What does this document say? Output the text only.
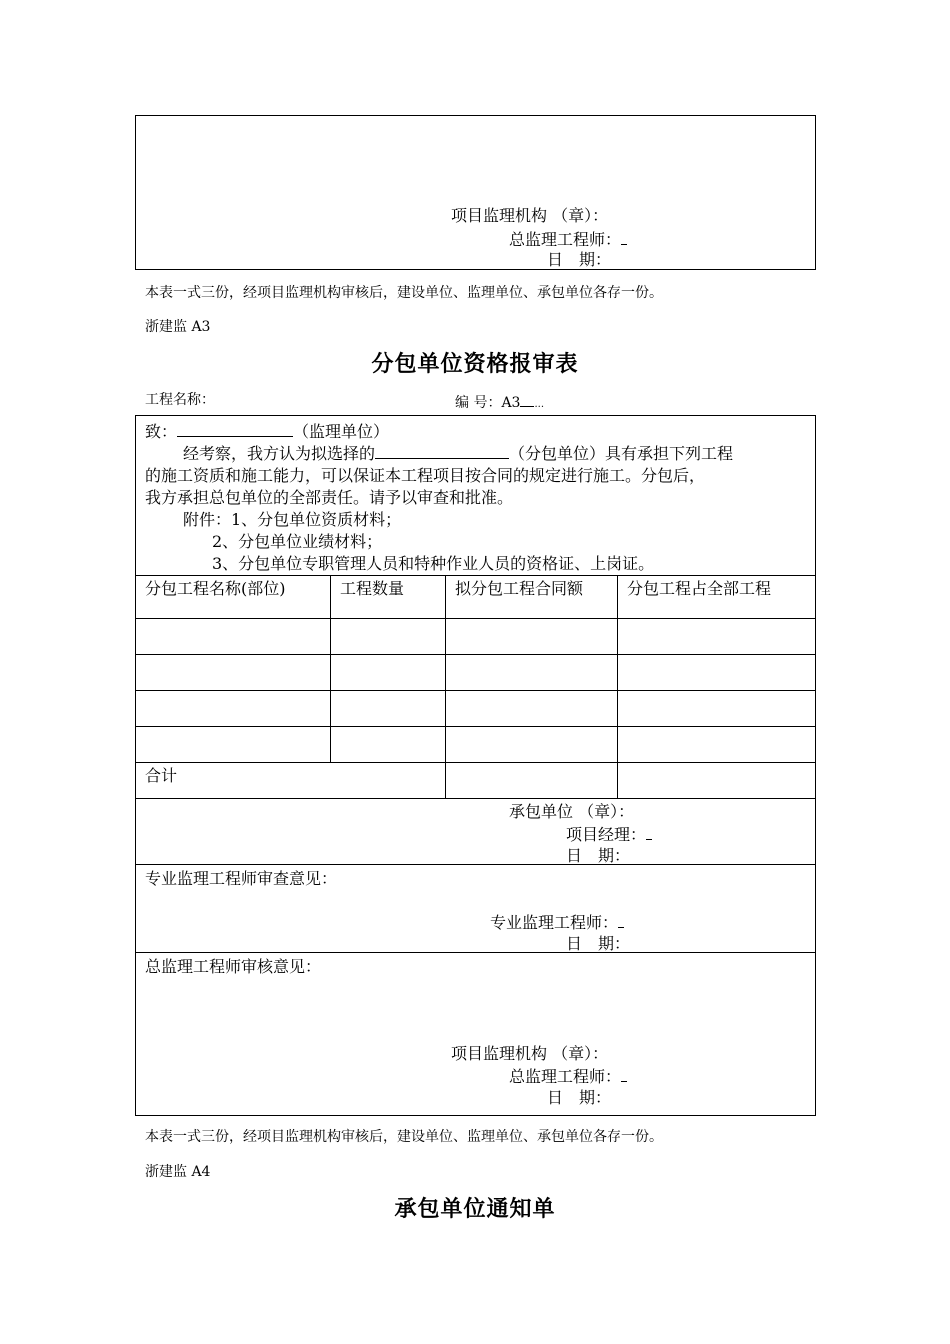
项目监理机构 （章）：
总监理工程师：
日　期：
本表一式三份，经项目监理机构审核后，建设单位、监理单位、承包单位各存一份。
浙建监 A3
分包单位资格报审表
工程名称：	编 号：A3 ...
致：	（监理单位）
经考察，我方认为拟选择的	（分包单位）具有承担下列工程
的施工资质和施工能力，可以保证本工程项目按合同的规定进行施工。分包后，
我方承担总包单位的全部责任。请予以审查和批准。
附件：1、分包单位资质材料；
2、分包单位业绩材料；
3、分包单位专职管理人员和特种作业人员的资格证、上岗证。
分包工程名称(部位)	工程数量	拟分包工程合同额	分包工程占全部工程
合计
承包单位 （章）：
项目经理：
日　期：
专业监理工程师审查意见：
专业监理工程师：
日　期：
总监理工程师审核意见：
项目监理机构 （章）：
总监理工程师：
日　期：
本表一式三份，经项目监理机构审核后，建设单位、监理单位、承包单位各存一份。
浙建监 A4
承包单位通知单
